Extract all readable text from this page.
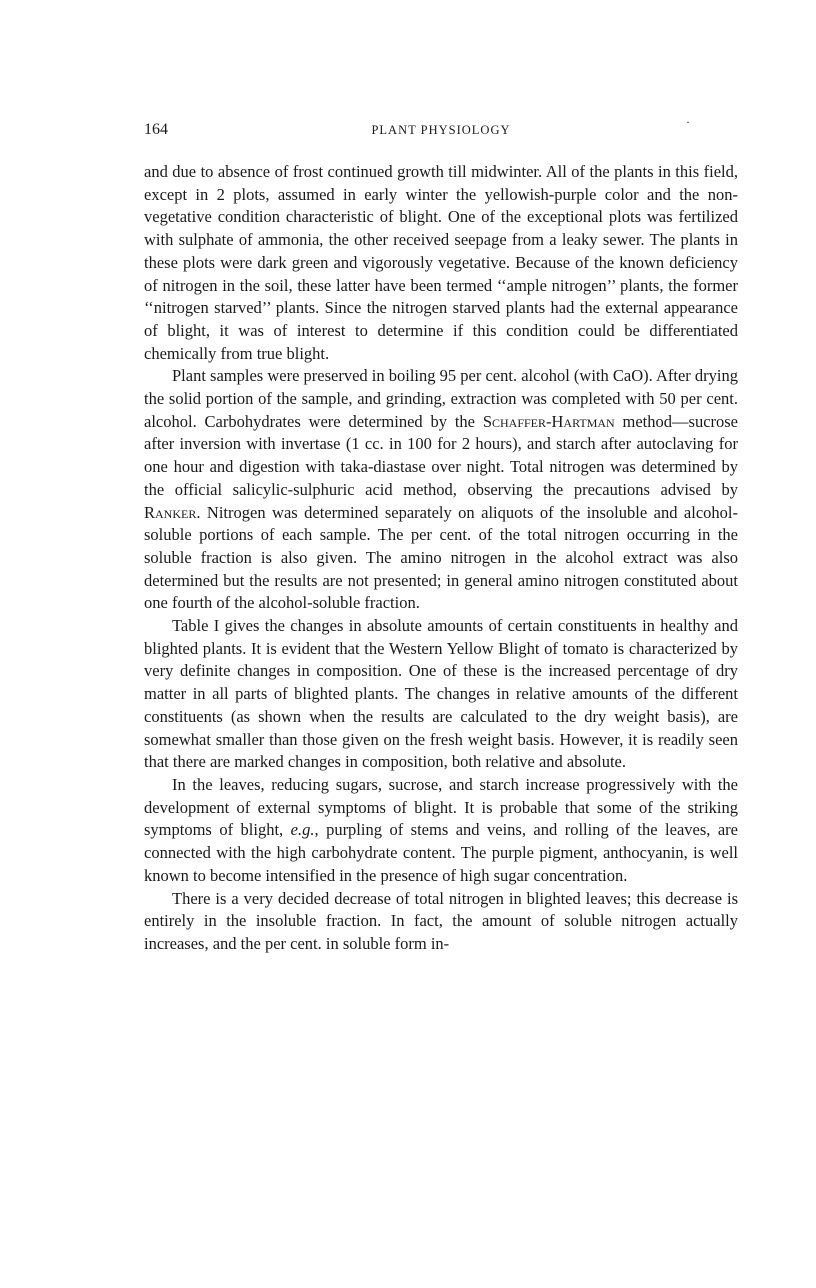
164	PLANT PHYSIOLOGY
·

and due to absence of frost continued growth till midwinter. All of the plants in this field, except in 2 plots, assumed in early winter the yellowish-purple color and the non-vegetative condition characteristic of blight. One of the exceptional plots was fertilized with sulphate of ammonia, the other received seepage from a leaky sewer. The plants in these plots were dark green and vigorously vegetative. Because of the known deficiency of nitrogen in the soil, these latter have been termed ‘‘ample nitrogen’’ plants, the former ‘‘nitrogen starved’’ plants. Since the nitrogen starved plants had the external appearance of blight, it was of interest to determine if this condition could be differentiated chemically from true blight.

Plant samples were preserved in boiling 95 per cent. alcohol (with CaO). After drying the solid portion of the sample, and grinding, extraction was completed with 50 per cent. alcohol. Carbohydrates were determined by the Schaffer-Hartman method—sucrose after inversion with invertase (1 cc. in 100 for 2 hours), and starch after autoclaving for one hour and digestion with taka-diastase over night. Total nitrogen was determined by the official salicylic-sulphuric acid method, observing the precautions advised by Ranker. Nitrogen was determined separately on aliquots of the insoluble and alcohol-soluble portions of each sample. The per cent. of the total nitrogen occurring in the soluble fraction is also given. The amino nitrogen in the alcohol extract was also determined but the results are not presented; in general amino nitrogen constituted about one fourth of the alcohol-soluble fraction.

Table I gives the changes in absolute amounts of certain constituents in healthy and blighted plants. It is evident that the Western Yellow Blight of tomato is characterized by very definite changes in composition. One of these is the increased percentage of dry matter in all parts of blighted plants. The changes in relative amounts of the different constituents (as shown when the results are calculated to the dry weight basis), are somewhat smaller than those given on the fresh weight basis. However, it is readily seen that there are marked changes in composition, both relative and absolute.

In the leaves, reducing sugars, sucrose, and starch increase progressively with the development of external symptoms of blight. It is probable that some of the striking symptoms of blight, e.g., purpling of stems and veins, and rolling of the leaves, are connected with the high carbohydrate content. The purple pigment, anthocyanin, is well known to become intensified in the presence of high sugar concentration.

There is a very decided decrease of total nitrogen in blighted leaves; this decrease is entirely in the insoluble fraction. In fact, the amount of soluble nitrogen actually increases, and the per cent. in soluble form in-
